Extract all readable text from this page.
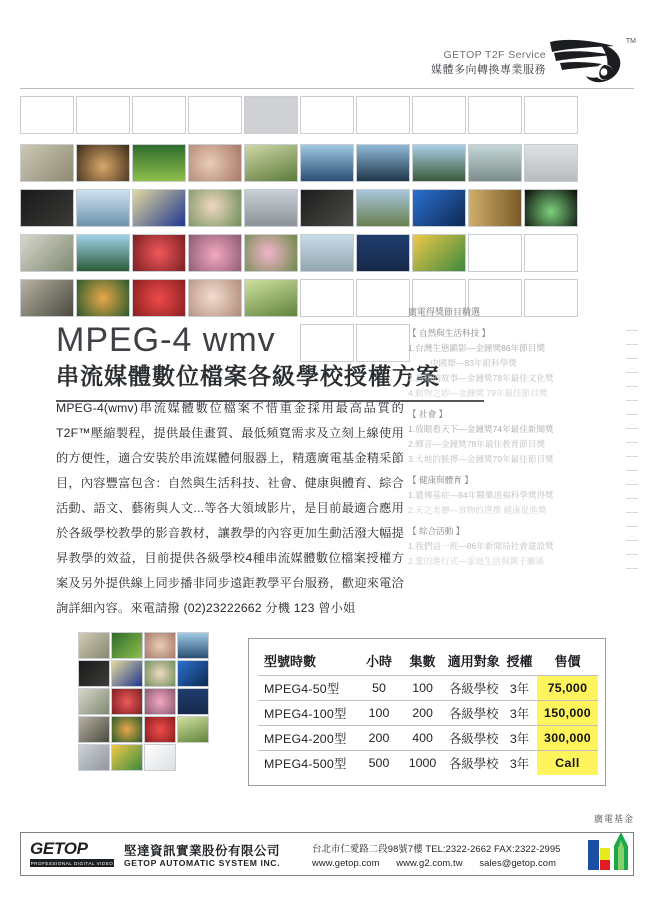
GETOP T2F Service
媒體多向轉換專業服務
TM
MPEG-4 wmv
串流媒體數位檔案各級學校授權方案

MPEG-4(wmv)串流媒體數位檔案不惜重金採用最高品質的T2F™壓縮製程，提供最佳畫質、最低頻寬需求及立刻上線使用的方便性，適合安裝於串流媒體伺服器上，精選廣電基金精采節目，內容豐富包含：自然與生活科技、社會、健康與體育、綜合活動、語文、藝術與人文...等各大領域影片，是目前最適合應用於各級學校教學的影音教材，讓教學的內容更加生動活潑大幅提昇教學的效益，目前提供各級學校4種串流媒體數位檔案授權方案及另外提供線上同步播非同步遠距教學平台服務，歡迎來電洽詢詳細內容。來電請撥 (02)23222662 分機 123 曾小姐

廣電得獎節目精選
【 自然與生活科技 】
1.台灣生態顯影—金鐘獎86年節目獎
中國犛—83年組科學獎
2.鳥類的故事—金鐘獎78年最佳文化獎
4.動物之妙—金鐘獎 79年最佳節目獎
【 社會 】
1.放眼看天下—金鐘獎74年最佳新聞獎
2.鄉音—金鐘獎78年最佳教育節目獎
3.大地的脈搏—金鐘獎79年最佳節目獎
【 健康與體育 】
1.遺傳基症—84年醫藥道福科學獎得獎
2.天之美麗—食物的選擇 健康促進獎
【 綜合活動 】
1.我們這一班—86年新聞局社會建設獎
2.愛的進行式—家庭生活與親子關係
型號時數	小時	集數	適用對象	授權	售價
MPEG4-50型	50	100	各級學校	3年	75,000
MPEG4-100型	100	200	各級學校	3年	150,000
MPEG4-200型	200	400	各級學校	3年	300,000
MPEG4-500型	500	1000	各級學校	3年	Call
廣電基金
GETOP
PROFESSIONAL DIGITAL VIDEO
堅達資訊實業股份有限公司
GETOP AUTOMATIC SYSTEM INC.
台北市仁愛路二段98號7樓 TEL:2322-2662 FAX:2322-2995
www.getop.com www.g2.com.tw sales@getop.com
